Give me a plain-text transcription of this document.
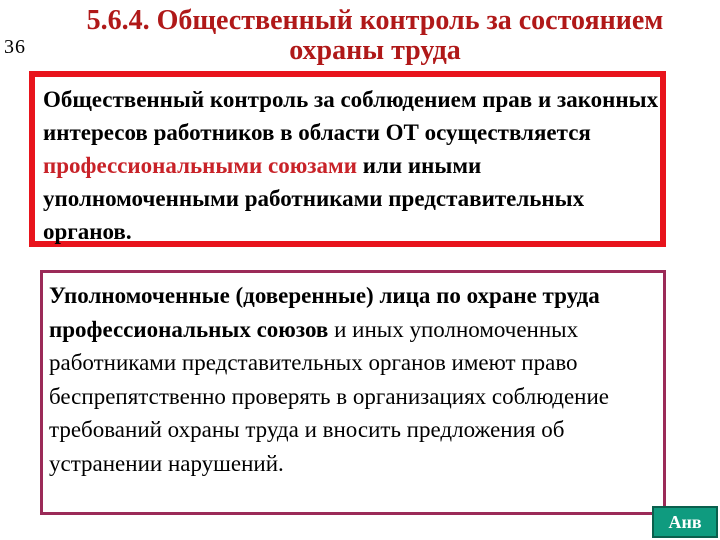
36
5.6.4. Общественный контроль за состоянием
охраны труда
Общественный контроль за соблюдением прав и законных интересов работников в области ОТ осуществляется профессиональными союзами или иными уполномоченными работниками представительных органов.
Уполномоченные (доверенные) лица по охране труда профессиональных союзов и иных уполномоченных работниками представительных органов имеют право беспрепятственно проверять в организациях соблюдение требований охраны труда и вносить предложения об устранении нарушений.
Анв
